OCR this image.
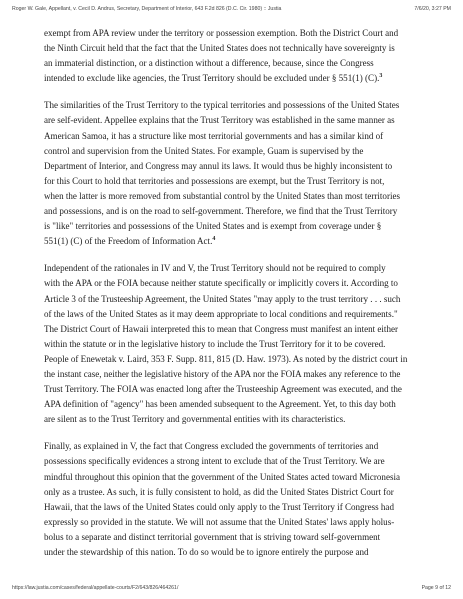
Roger W. Gale, Appellant, v. Cecil D. Andrus, Secretary, Department of Interior, 643 F.2d 826 (D.C. Cir. 1980) :: Justia	7/6/20, 3:27 PM

exempt from APA review under the territory or possession exemption. Both the District Court and
the Ninth Circuit held that the fact that the United States does not technically have sovereignty is
an immaterial distinction, or a distinction without a difference, because, since the Congress
intended to exclude like agencies, the Trust Territory should be excluded under § 551(1) (C).$^3$

The similarities of the Trust Territory to the typical territories and possessions of the United States
are self-evident. Appellee explains that the Trust Territory was established in the same manner as
American Samoa, it has a structure like most territorial governments and has a similar kind of
control and supervision from the United States. For example, Guam is supervised by the
Department of Interior, and Congress may annul its laws. It would thus be highly inconsistent to
for this Court to hold that territories and possessions are exempt, but the Trust Territory is not,
when the latter is more removed from substantial control by the United States than most territories
and possessions, and is on the road to self-government. Therefore, we find that the Trust Territory
is "like" territories and possessions of the United States and is exempt from coverage under §
551(1) (C) of the Freedom of Information Act.$^4$

Independent of the rationales in IV and V, the Trust Territory should not be required to comply
with the APA or the FOIA because neither statute specifically or implicitly covers it. According to
Article 3 of the Trusteeship Agreement, the United States "may apply to the trust territory . . . such
of the laws of the United States as it may deem appropriate to local conditions and requirements."
The District Court of Hawaii interpreted this to mean that Congress must manifest an intent either
within the statute or in the legislative history to include the Trust Territory for it to be covered.
People of Enewetak v. Laird, 353 F. Supp. 811, 815 (D. Haw. 1973). As noted by the district court in
the instant case, neither the legislative history of the APA nor the FOIA makes any reference to the
Trust Territory. The FOIA was enacted long after the Trusteeship Agreement was executed, and the
APA definition of "agency" has been amended subsequent to the Agreement. Yet, to this day both
are silent as to the Trust Territory and governmental entities with its characteristics.

Finally, as explained in V, the fact that Congress excluded the governments of territories and
possessions specifically evidences a strong intent to exclude that of the Trust Territory. We are
mindful throughout this opinion that the government of the United States acted toward Micronesia
only as a trustee. As such, it is fully consistent to hold, as did the United States District Court for
Hawaii, that the laws of the United States could only apply to the Trust Territory if Congress had
expressly so provided in the statute. We will not assume that the United States' laws apply holus-
bolus to a separate and distinct territorial government that is striving toward self-government
under the stewardship of this nation. To do so would be to ignore entirely the purpose and

https://law.justia.com/cases/federal/appellate-courts/F2/643/826/464261/	Page 9 of 12
